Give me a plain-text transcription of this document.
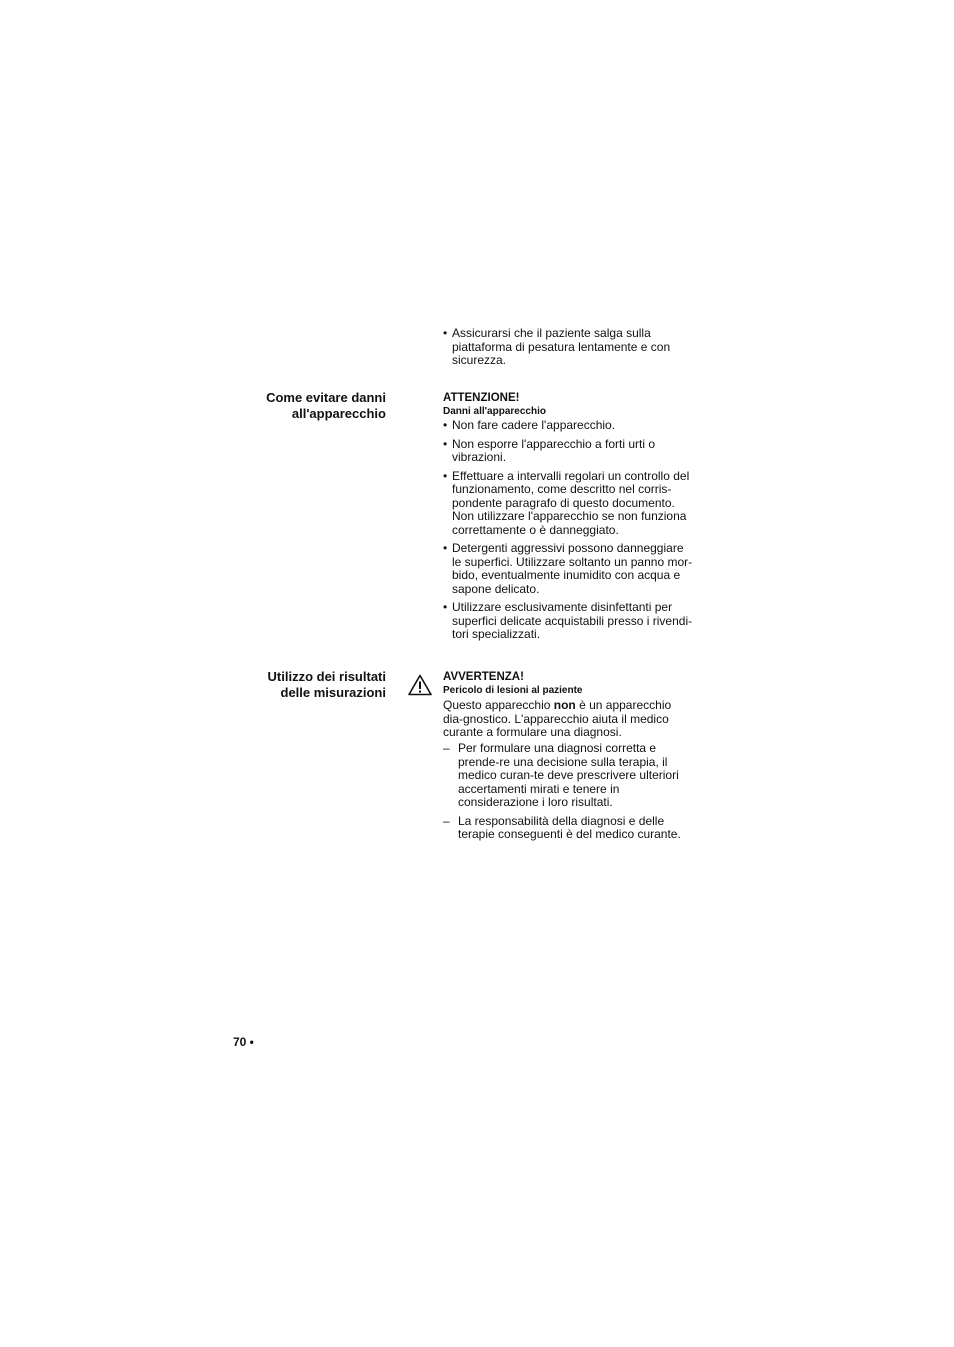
• Assicurarsi che il paziente salga sulla piattaforma di pesatura lentamente e con sicurezza.
Come evitare danni
all'apparecchio
ATTENZIONE!
Danni all'apparecchio
• Non fare cadere l'apparecchio.
• Non esporre l'apparecchio a forti urti o vibrazioni.
• Effettuare a intervalli regolari un controllo del funzionamento, come descritto nel corris-pondente paragrafo di questo documento. Non utilizzare l'apparecchio se non funziona correttamente o è danneggiato.
• Detergenti aggressivi possono danneggiare le superfici. Utilizzare soltanto un panno mor-bido, eventualmente inumidito con acqua e sapone delicato.
• Utilizzare esclusivamente disinfettanti per superfici delicate acquistabili presso i rivendi-tori specializzati.
Utilizzo dei risultati
delle misurazioni
AVVERTENZA!
Pericolo di lesioni al paziente
Questo apparecchio non è un apparecchio dia-gnostico. L'apparecchio aiuta il medico curante a formulare una diagnosi.
– Per formulare una diagnosi corretta e prende-re una decisione sulla terapia, il medico curan-te deve prescrivere ulteriori accertamenti mirati e tenere in considerazione i loro risultati.
– La responsabilità della diagnosi e delle terapie conseguenti è del medico curante.
70 •
